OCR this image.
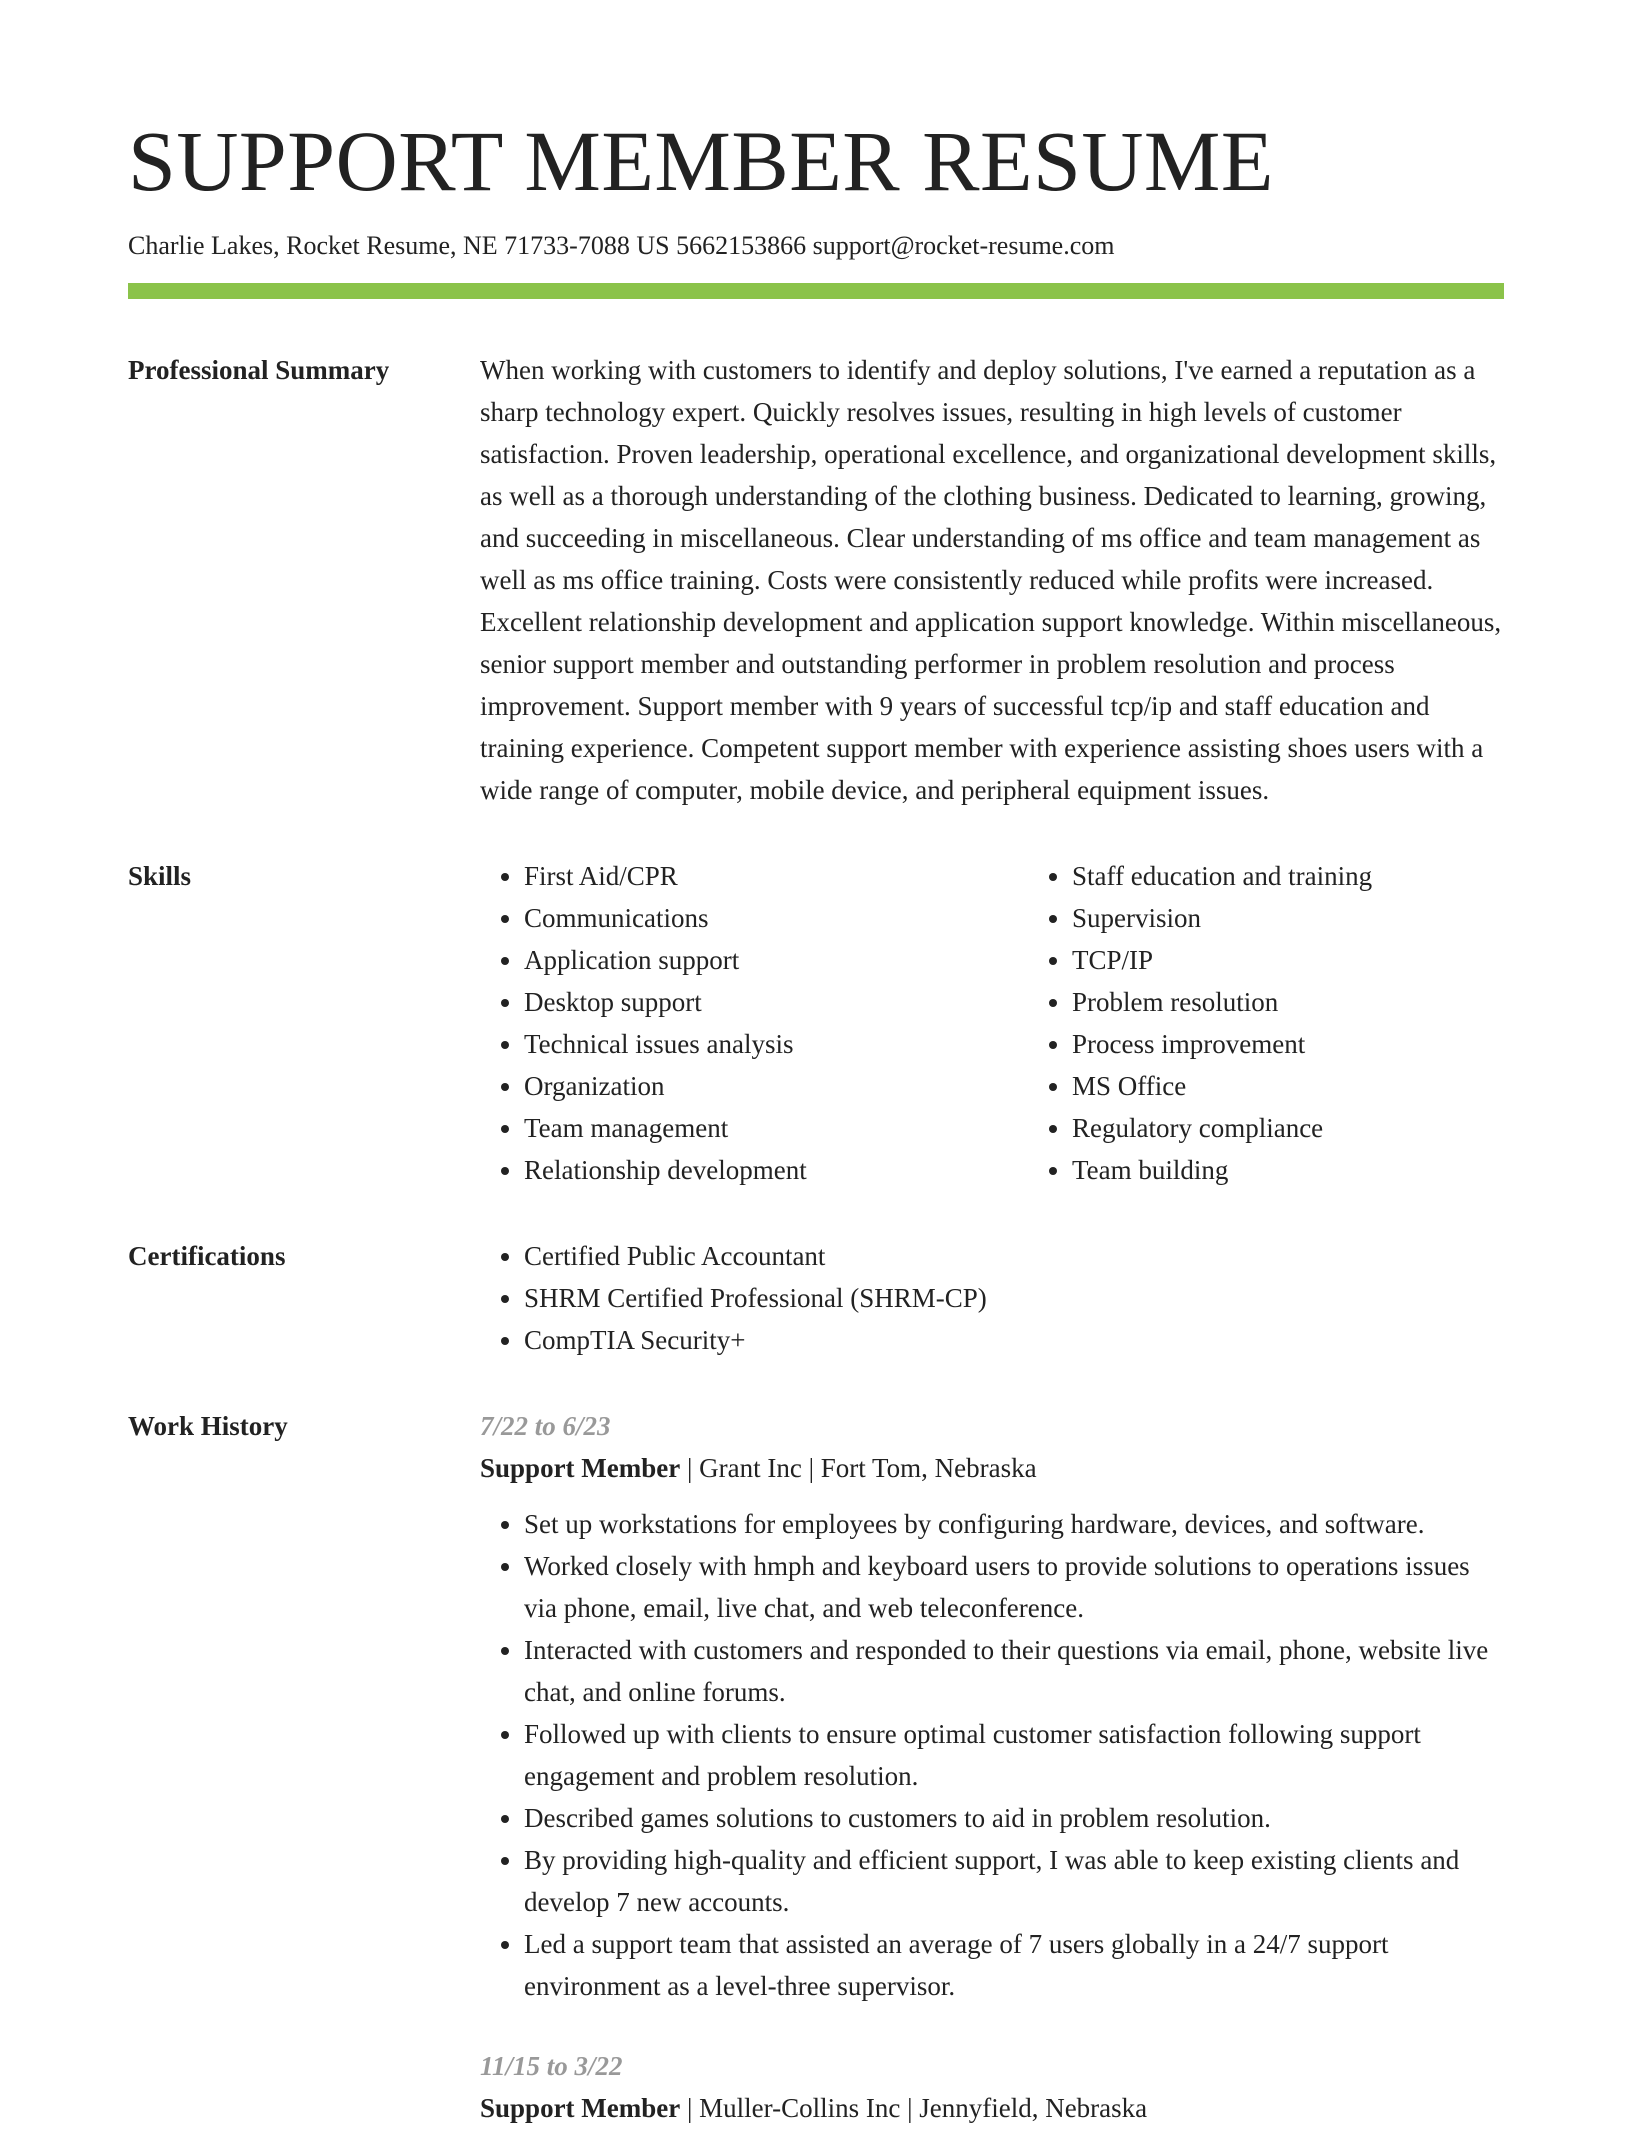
SUPPORT MEMBER RESUME
Charlie Lakes, Rocket Resume, NE 71733-7088 US 5662153866 support@rocket-resume.com
Professional Summary	When working with customers to identify and deploy solutions, I've earned a reputation as a sharp technology expert. Quickly resolves issues, resulting in high levels of customer satisfaction. Proven leadership, operational excellence, and organizational development skills, as well as a thorough understanding of the clothing business. Dedicated to learning, growing, and succeeding in miscellaneous. Clear understanding of ms office and team management as well as ms office training. Costs were consistently reduced while profits were increased. Excellent relationship development and application support knowledge. Within miscellaneous, senior support member and outstanding performer in problem resolution and process improvement. Support member with 9 years of successful tcp/ip and staff education and training experience. Competent support member with experience assisting shoes users with a wide range of computer, mobile device, and peripheral equipment issues.

Skills	• First Aid/CPR
• Communications
• Application support
• Desktop support
• Technical issues analysis
• Organization
• Team management
• Relationship development
• Staff education and training
• Supervision
• TCP/IP
• Problem resolution
• Process improvement
• MS Office
• Regulatory compliance
• Team building
Certifications	• Certified Public Accountant
• SHRM Certified Professional (SHRM-CP)
• CompTIA Security+
Work History	7/22 to 6/23
Support Member | Grant Inc | Fort Tom, Nebraska
• Set up workstations for employees by configuring hardware, devices, and software.
• Worked closely with hmph and keyboard users to provide solutions to operations issues via phone, email, live chat, and web teleconference.
• Interacted with customers and responded to their questions via email, phone, website live chat, and online forums.
• Followed up with clients to ensure optimal customer satisfaction following support engagement and problem resolution.
• Described games solutions to customers to aid in problem resolution.
• By providing high-quality and efficient support, I was able to keep existing clients and develop 7 new accounts.
• Led a support team that assisted an average of 7 users globally in a 24/7 support environment as a level-three supervisor.
11/15 to 3/22
Support Member | Muller-Collins Inc | Jennyfield, Nebraska
